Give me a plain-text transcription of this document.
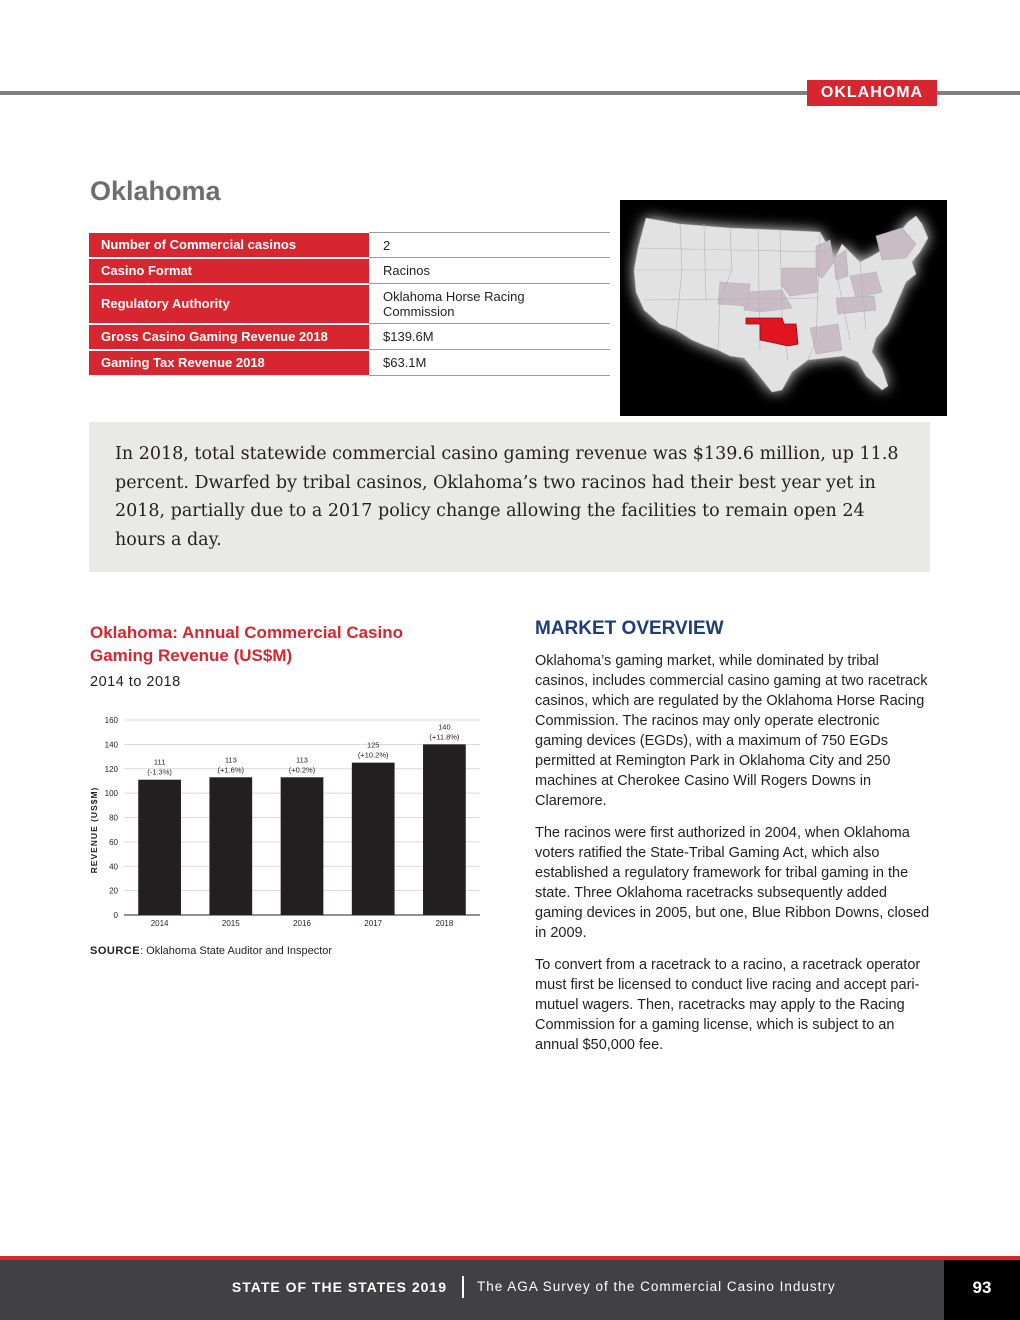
OKLAHOMA
Oklahoma
Number of Commercial casinos	2
Casino Format	Racinos
Regulatory Authority	Oklahoma Horse Racing Commission
Gross Casino Gaming Revenue 2018	$139.6M
Gaming Tax Revenue 2018	$63.1M
In 2018, total statewide commercial casino gaming revenue was $139.6 million, up 11.8 percent. Dwarfed by tribal casinos, Oklahoma’s two racinos had their best year yet in 2018, partially due to a 2017 policy change allowing the facilities to remain open 24 hours a day.
Oklahoma: Annual Commercial Casino Gaming Revenue (US$M)
2014 to 2018
REVENUE (US$M)
0
20
40
60
80
100
120
140
160
2014
111
(-1.3%)
2015
113
(+1.6%)
2016
113
(+0.2%)
2017
125
(+10.2%)
2018
140
(+11.8%)
SOURCE: Oklahoma State Auditor and Inspector
MARKET OVERVIEW

Oklahoma’s gaming market, while dominated by tribal casinos, includes commercial casino gaming at two racetrack casinos, which are regulated by the Oklahoma Horse Racing Commission. The racinos may only operate electronic gaming devices (EGDs), with a maximum of 750 EGDs permitted at Remington Park in Oklahoma City and 250 machines at Cherokee Casino Will Rogers Downs in Claremore.

The racinos were first authorized in 2004, when Oklahoma voters ratified the State-Tribal Gaming Act, which also established a regulatory framework for tribal gaming in the state. Three Oklahoma racetracks subsequently added gaming devices in 2005, but one, Blue Ribbon Downs, closed in 2009.

To convert from a racetrack to a racino, a racetrack operator must first be licensed to conduct live racing and accept pari-mutuel wagers. Then, racetracks may apply to the Racing Commission for a gaming license, which is subject to an annual $50,000 fee.

STATE OF THE STATES 2019 The AGA Survey of the Commercial Casino Industry	93
